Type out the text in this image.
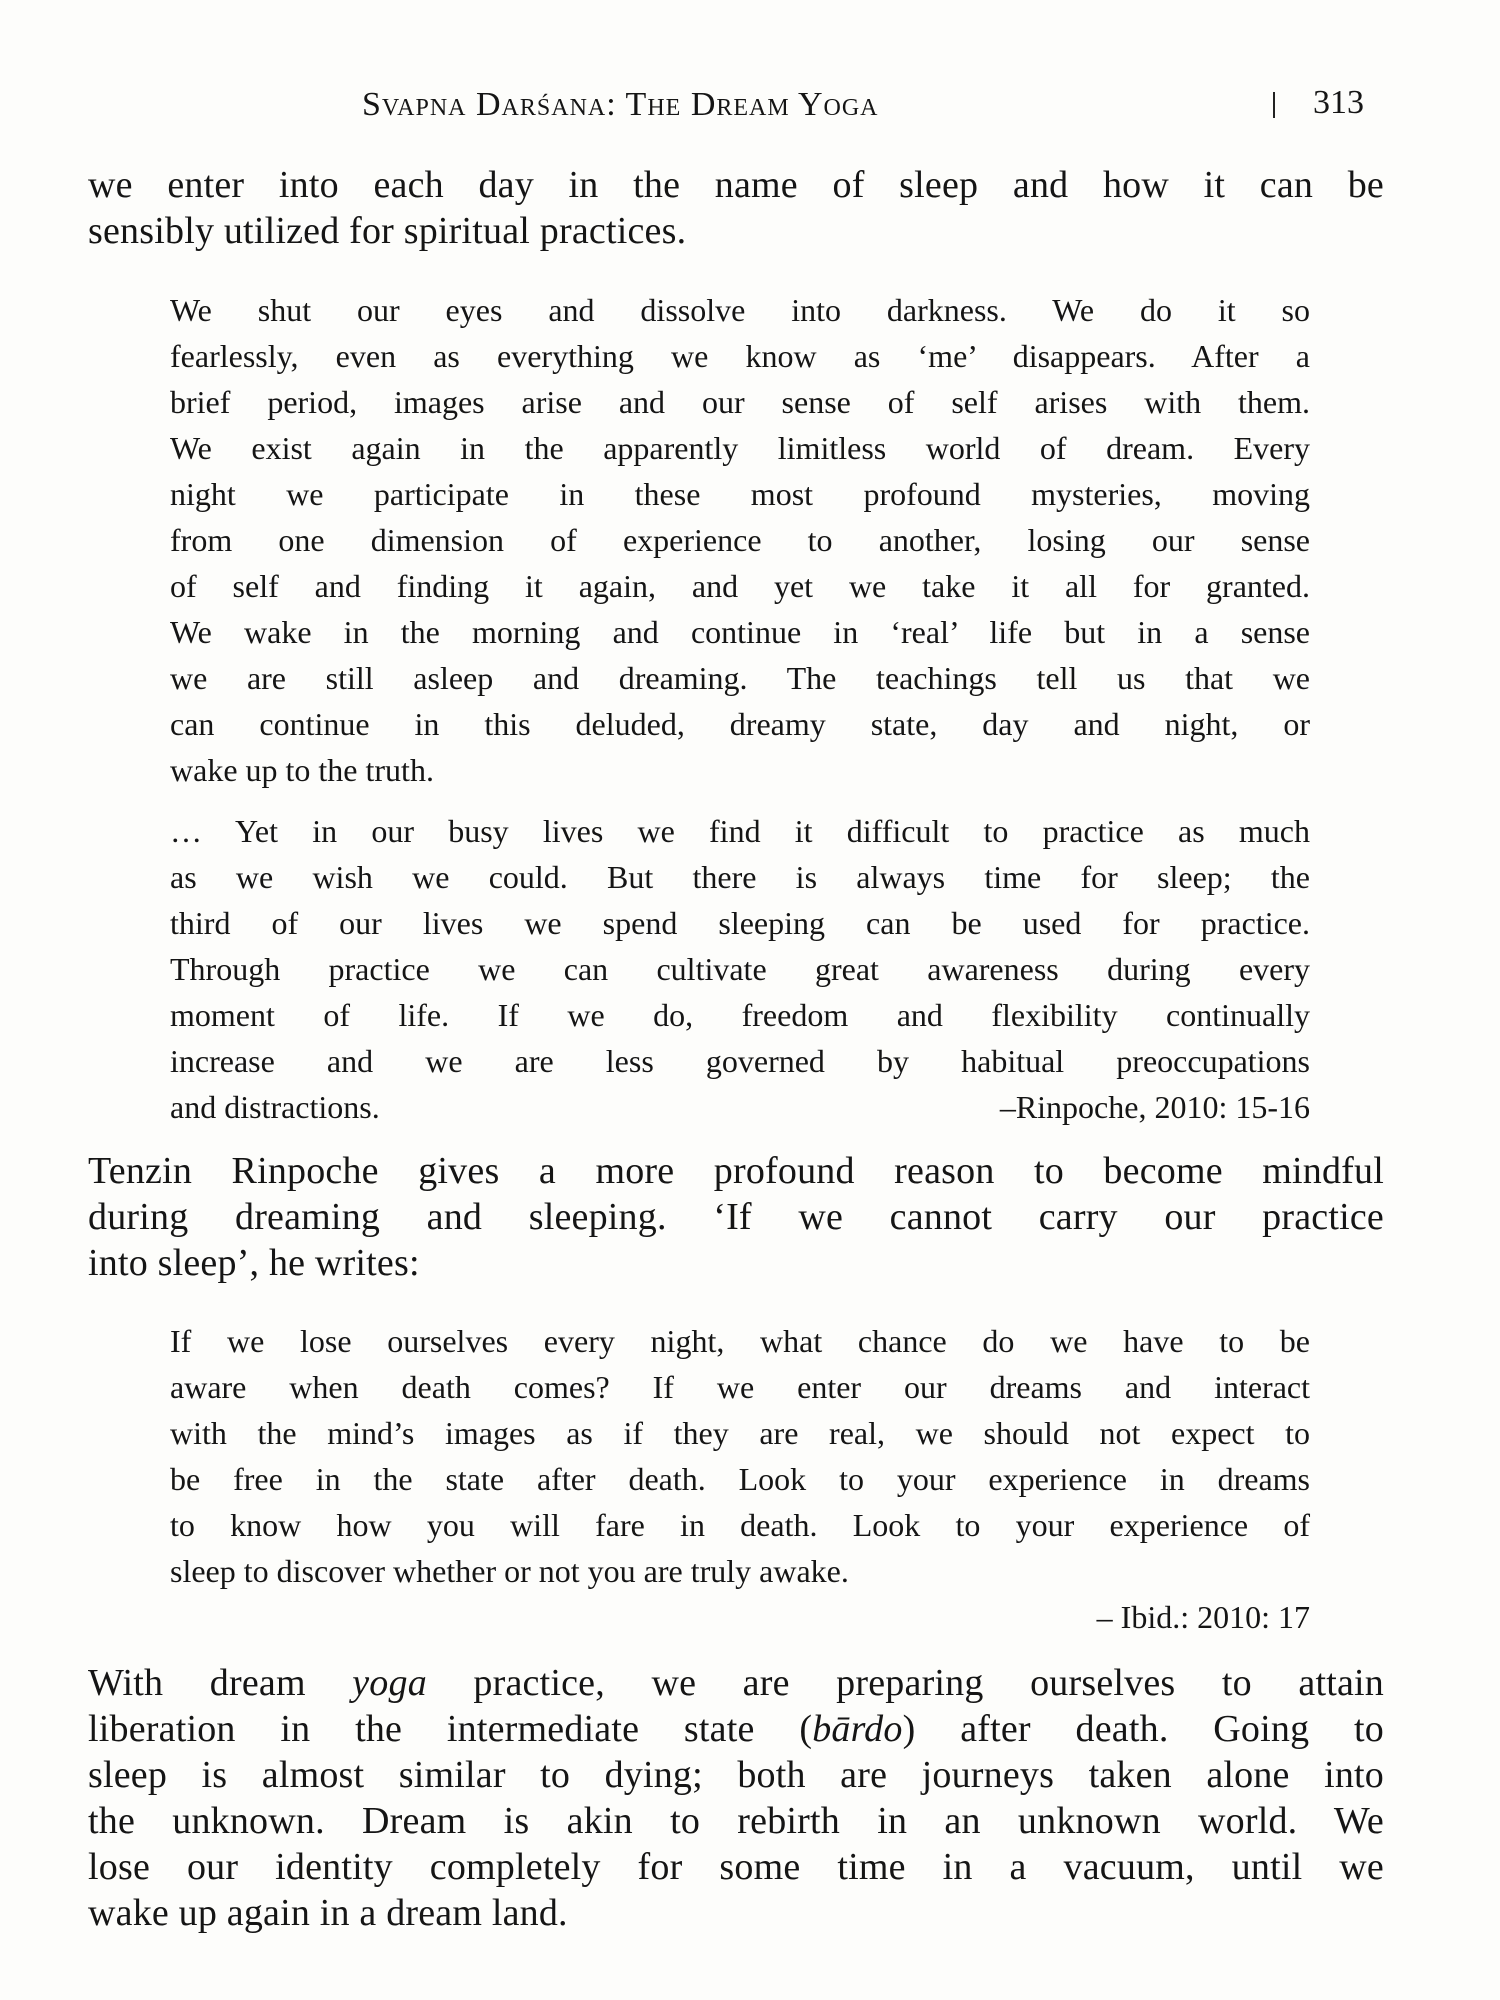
Svapna Darśana: The Dream Yoga	313
we enter into each day in the name of sleep and how it can be
sensibly utilized for spiritual practices.
We shut our eyes and dissolve into darkness. We do it so
fearlessly, even as everything we know as ‘me’ disappears. After a
brief period, images arise and our sense of self arises with them.
We exist again in the apparently limitless world of dream. Every
night we participate in these most profound mysteries, moving
from one dimension of experience to another, losing our sense
of self and finding it again, and yet we take it all for granted.
We wake in the morning and continue in ‘real’ life but in a sense
we are still asleep and dreaming. The teachings tell us that we
can continue in this deluded, dreamy state, day and night, or
wake up to the truth.
… Yet in our busy lives we find it difficult to practice as much
as we wish we could. But there is always time for sleep; the
third of our lives we spend sleeping can be used for practice.
Through practice we can cultivate great awareness during every
moment of life. If we do, freedom and flexibility continually
increase and we are less governed by habitual preoccupations
and distractions.	–Rinpoche, 2010: 15-16
Tenzin Rinpoche gives a more profound reason to become mindful
during dreaming and sleeping. ‘If we cannot carry our practice
into sleep’, he writes:
If we lose ourselves every night, what chance do we have to be
aware when death comes? If we enter our dreams and interact
with the mind’s images as if they are real, we should not expect to
be free in the state after death. Look to your experience in dreams
to know how you will fare in death. Look to your experience of
sleep to discover whether or not you are truly awake.
– Ibid.: 2010: 17
With dream yoga practice, we are preparing ourselves to attain
liberation in the intermediate state (bārdo) after death. Going to
sleep is almost similar to dying; both are journeys taken alone into
the unknown. Dream is akin to rebirth in an unknown world. We
lose our identity completely for some time in a vacuum, until we
wake up again in a dream land.
